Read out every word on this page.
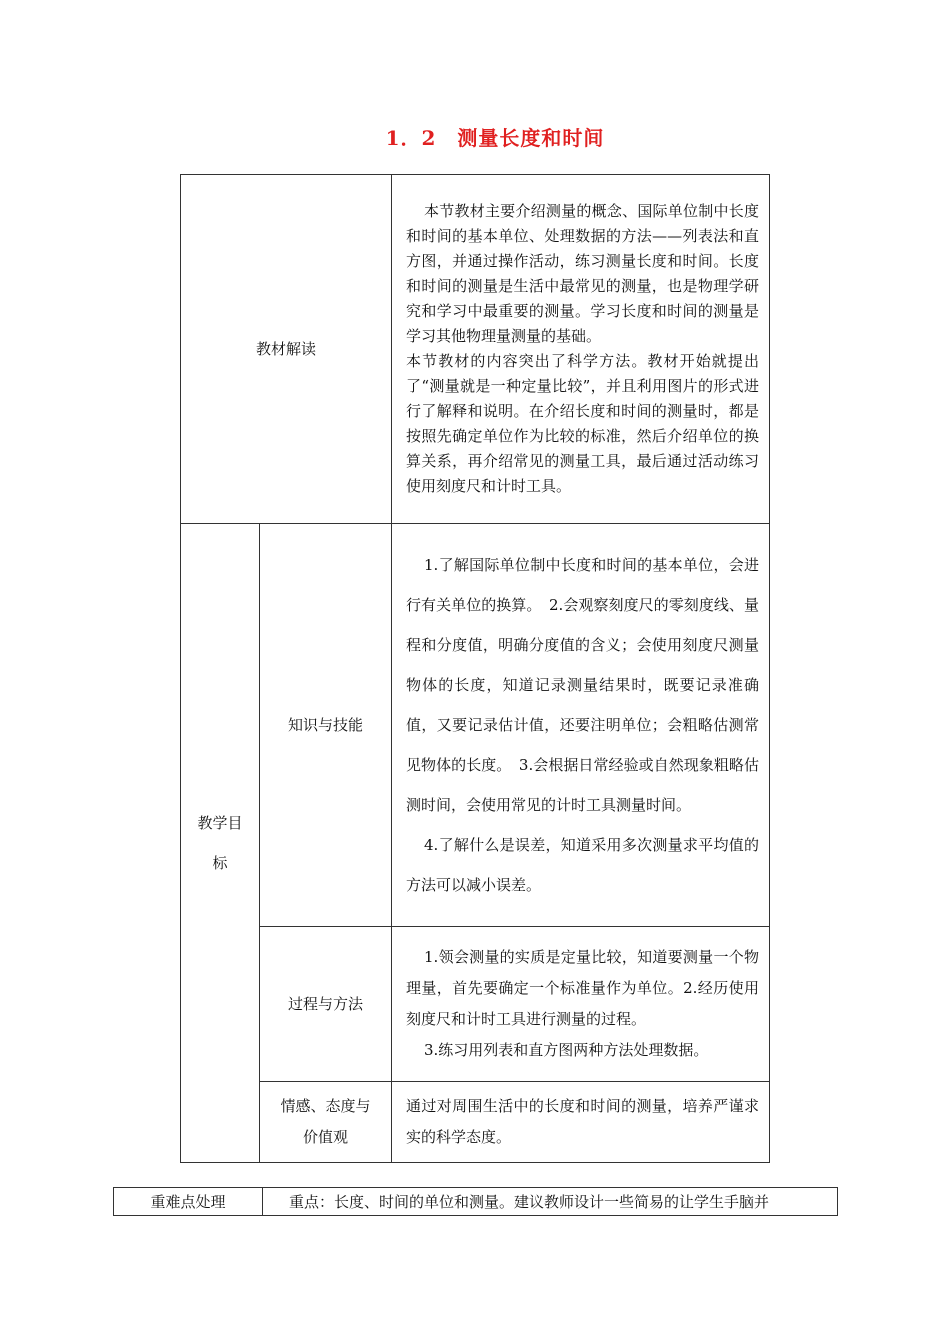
1．2　测量长度和时间
教材解读		本节教材主要介绍测量的概念、国际单位制中长度和时间的基本单位、处理数据的方法——列表法和直方图，并通过操作活动，练习测量长度和时间。长度和时间的测量是生活中最常见的测量，也是物理学研究和学习中最重要的测量。学习长度和时间的测量是学习其他物理量测量的基础。
本节教材的内容突出了科学方法。教材开始就提出了“测量就是一种定量比较”，并且利用图片的形式进行了解释和说明。在介绍长度和时间的测量时，都是按照先确定单位作为比较的标准，然后介绍单位的换算关系，再介绍常见的测量工具，最后通过活动练习使用刻度尺和计时工具。

教学目标	知识与技能	1.了解国际单位制中长度和时间的基本单位，会进行有关单位的换算。　2.会观察刻度尺的零刻度线、量程和分度值，明确分度值的含义；会使用刻度尺测量物体的长度，知道记录测量结果时，既要记录准确值，又要记录估计值，还要注明单位；会粗略估测常见物体的长度。　3.会根据日常经验或自然现象粗略估测时间，会使用常见的计时工具测量时间。
4.了解什么是误差，知道采用多次测量求平均值的方法可以减小误差。

	过程与方法	1.领会测量的实质是定量比较，知道要测量一个物理量，首先要确定一个标准量作为单位。2.经历使用刻度尺和计时工具进行测量的过程。
3.练习用列表和直方图两种方法处理数据。

	情感、态度与价值观	通过对周围生活中的长度和时间的测量，培养严谨求实的科学态度。
重难点处理	重点：长度、时间的单位和测量。建议教师设计一些简易的让学生手脑并
